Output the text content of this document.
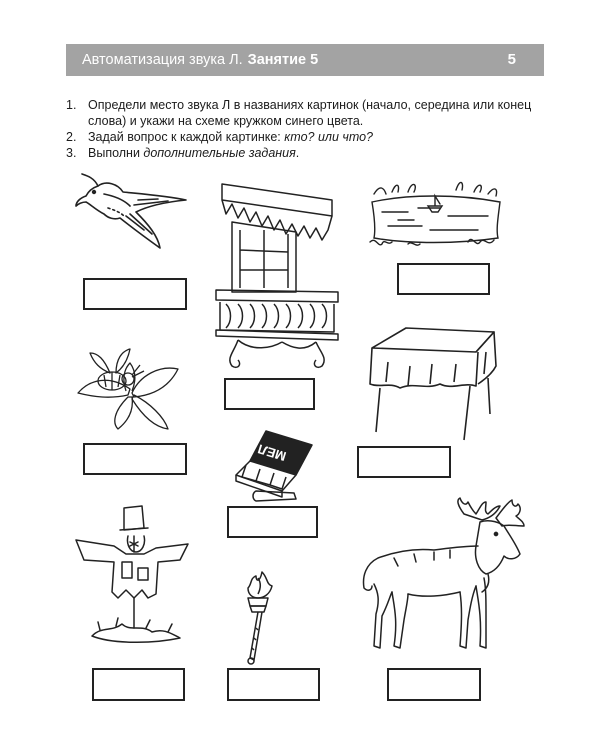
Автоматизация звука Л. Занятие 5	5
1. Определи место звука Л в названиях картинок (начало, середина или конец слова) и укажи на схеме кружком синего цвета.
2. Задай вопрос к каждой картинке: кто? или что?
3. Выполни дополнительные задания.
МЕЛ
